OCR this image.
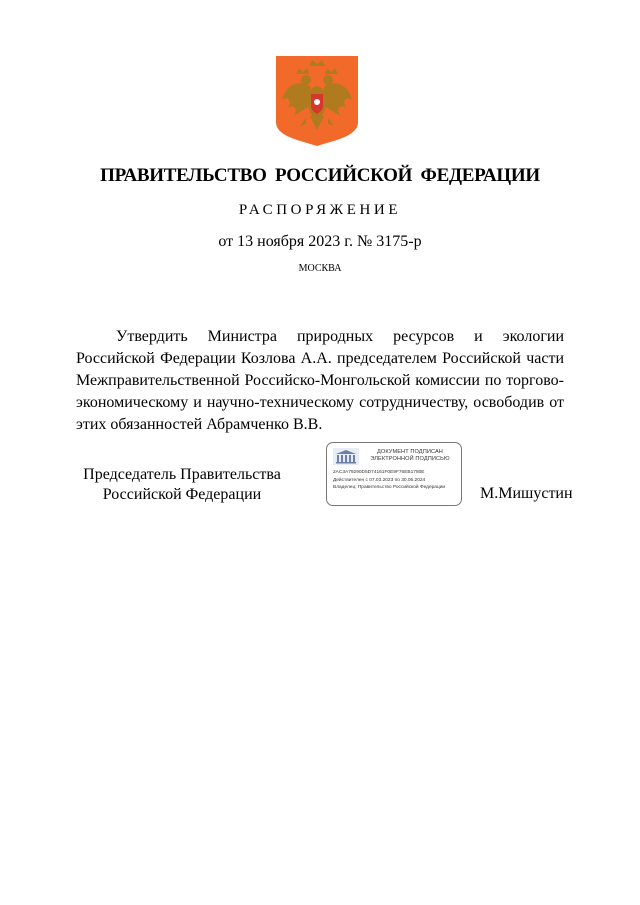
ПРАВИТЕЛЬСТВО РОССИЙСКОЙ ФЕДЕРАЦИИ
РАСПОРЯЖЕНИЕ
от 13 ноября 2023 г. № 3175-р
МОСКВА

Утвердить Министра природных ресурсов и экологии Российской Федерации Козлова А.А. председателем Российской части Межправительственной Российско-Монгольской комиссии по торгово-экономическому и научно-техническому сотрудничеству, освободив от этих обязанностей Абрамченко В.В.

Председатель Правительства
Российской Федерации
ДОКУМЕНТ ПОДПИСАН
ЭЛЕКТРОННОЙ ПОДПИСЬЮ
2AC3A79290D5D74161F0E9F76EB1780E
Действителен с 07.03.2023 по 30.05.2024
Владелец: Правительство Российской Федерации	М.Мишустин
